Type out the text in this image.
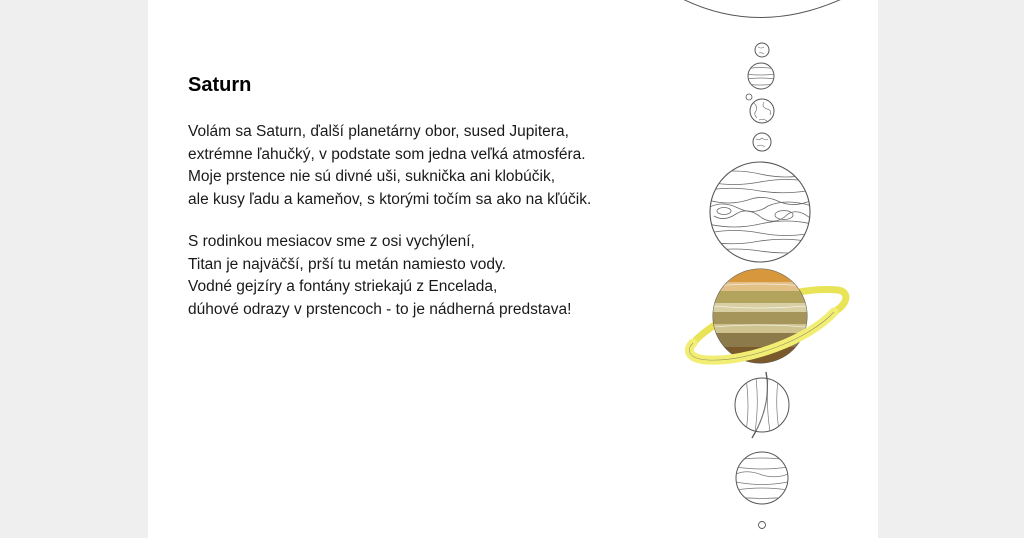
Saturn

Volám sa Saturn, ďalší planetárny obor, sused Jupitera,
extrémne ľahučký, v podstate som jedna veľká atmosféra.
Moje prstence nie sú divné uši, suknička ani klobúčik,
ale kusy ľadu a kameňov, s ktorými točím sa ako na kľúčik.

S rodinkou mesiacov sme z osi vychýlení,
Titan je najväčší, prší tu metán namiesto vody.
Vodné gejzíry a fontány striekajú z Encelada,
dúhové odrazy v prstencoch - to je nádherná predstava!
